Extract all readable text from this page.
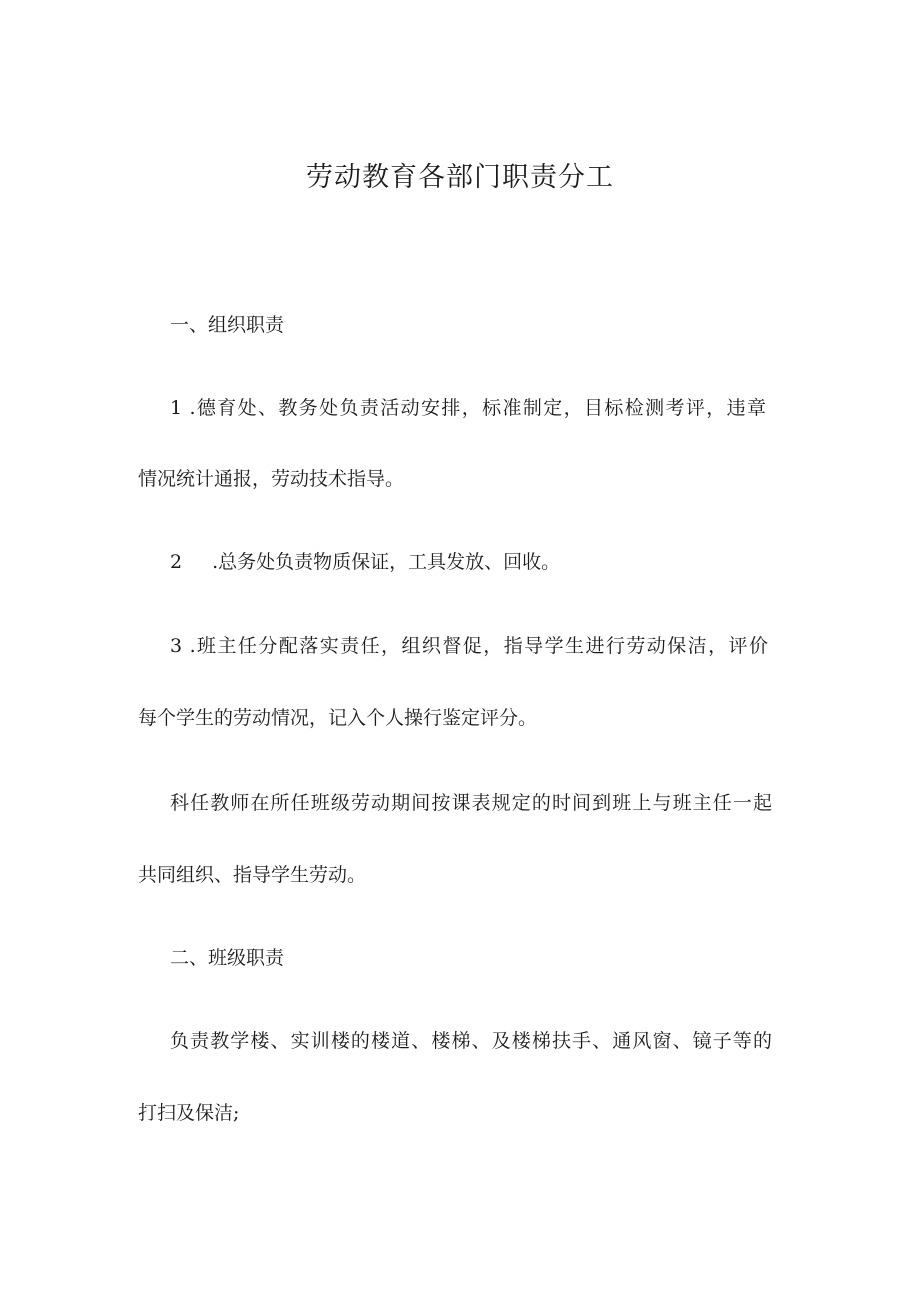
劳动教育各部门职责分工
一、组织职责
1 .德育处、教务处负责活动安排，标准制定，目标检测考评，违章
情况统计通报，劳动技术指导。
2 .总务处负责物质保证，工具发放、回收。
3 .班主任分配落实责任，组织督促，指导学生进行劳动保洁，评价
每个学生的劳动情况，记入个人操行鉴定评分。
科任教师在所任班级劳动期间按课表规定的时间到班上与班主任一起
共同组织、指导学生劳动。
二、班级职责
负责教学楼、实训楼的楼道、楼梯、及楼梯扶手、通风窗、镜子等的
打扫及保洁;
